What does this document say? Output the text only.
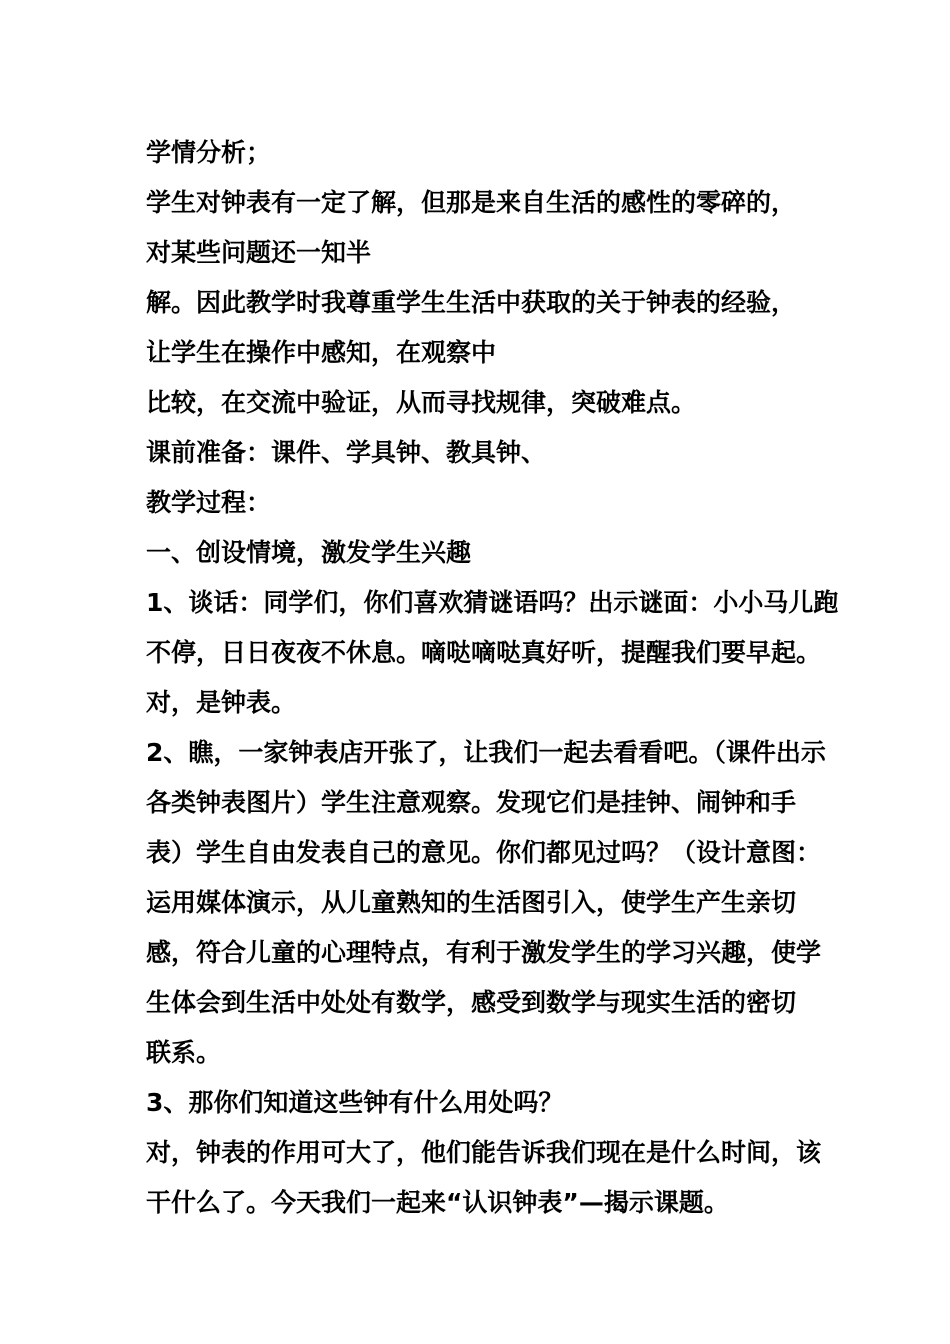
学情分析；
学生对钟表有一定了解，但那是来自生活的感性的零碎的，
对某些问题还一知半
解。因此教学时我尊重学生生活中获取的关于钟表的经验，
让学生在操作中感知，在观察中
比较，在交流中验证，从而寻找规律，突破难点。
课前准备：课件、学具钟、教具钟、
教学过程：
一、创设情境，激发学生兴趣
1、谈话：同学们，你们喜欢猜谜语吗？出示谜面：小小马儿跑
不停，日日夜夜不休息。嘀哒嘀哒真好听，提醒我们要早起。
对，是钟表。
2、瞧，一家钟表店开张了，让我们一起去看看吧。（课件出示
各类钟表图片）学生注意观察。发现它们是挂钟、闹钟和手
表）学生自由发表自己的意见。你们都见过吗？（设计意图：
运用媒体演示，从儿童熟知的生活图引入，使学生产生亲切
感，符合儿童的心理特点，有利于激发学生的学习兴趣，使学
生体会到生活中处处有数学，感受到数学与现实生活的密切
联系。
3、那你们知道这些钟有什么用处吗？
对，钟表的作用可大了，他们能告诉我们现在是什么时间，该
干什么了。今天我们一起来“认识钟表”—揭示课题。
